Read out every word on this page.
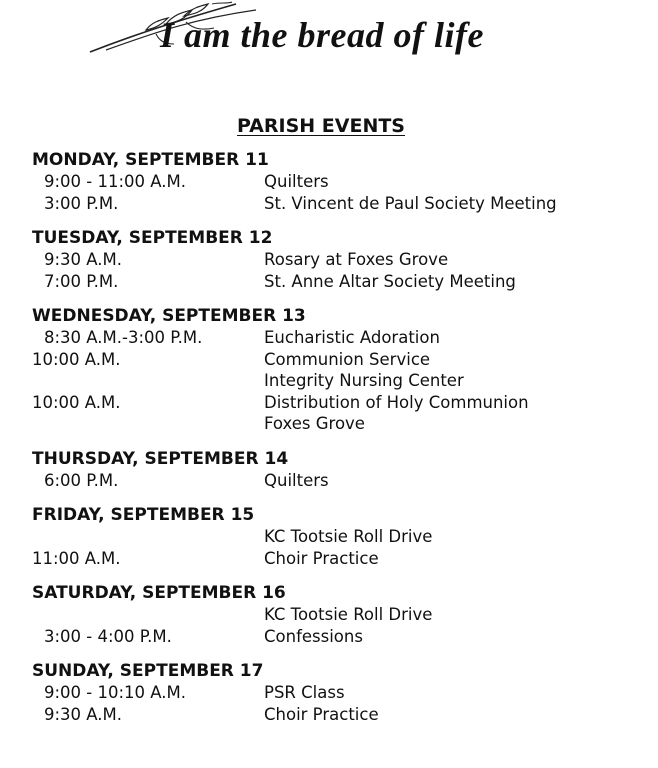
I am the bread of life
PARISH EVENTS
MONDAY, SEPTEMBER 11
9:00 - 11:00 A.M.	Quilters
3:00 P.M.	St. Vincent de Paul Society Meeting
TUESDAY, SEPTEMBER 12
9:30 A.M.	Rosary at Foxes Grove
7:00 P.M.	St. Anne Altar Society Meeting
WEDNESDAY, SEPTEMBER 13
8:30 A.M.-3:00 P.M.	Eucharistic Adoration
10:00 A.M.	Communion Service
Integrity Nursing Center
10:00 A.M.	Distribution of Holy Communion
Foxes Grove
THURSDAY, SEPTEMBER 14
6:00 P.M.	Quilters
FRIDAY, SEPTEMBER 15
KC Tootsie Roll Drive
11:00 A.M.	Choir Practice
SATURDAY, SEPTEMBER 16
KC Tootsie Roll Drive
3:00 - 4:00 P.M.	Confessions
SUNDAY, SEPTEMBER 17
9:00 - 10:10 A.M.	PSR Class
9:30 A.M.	Choir Practice
